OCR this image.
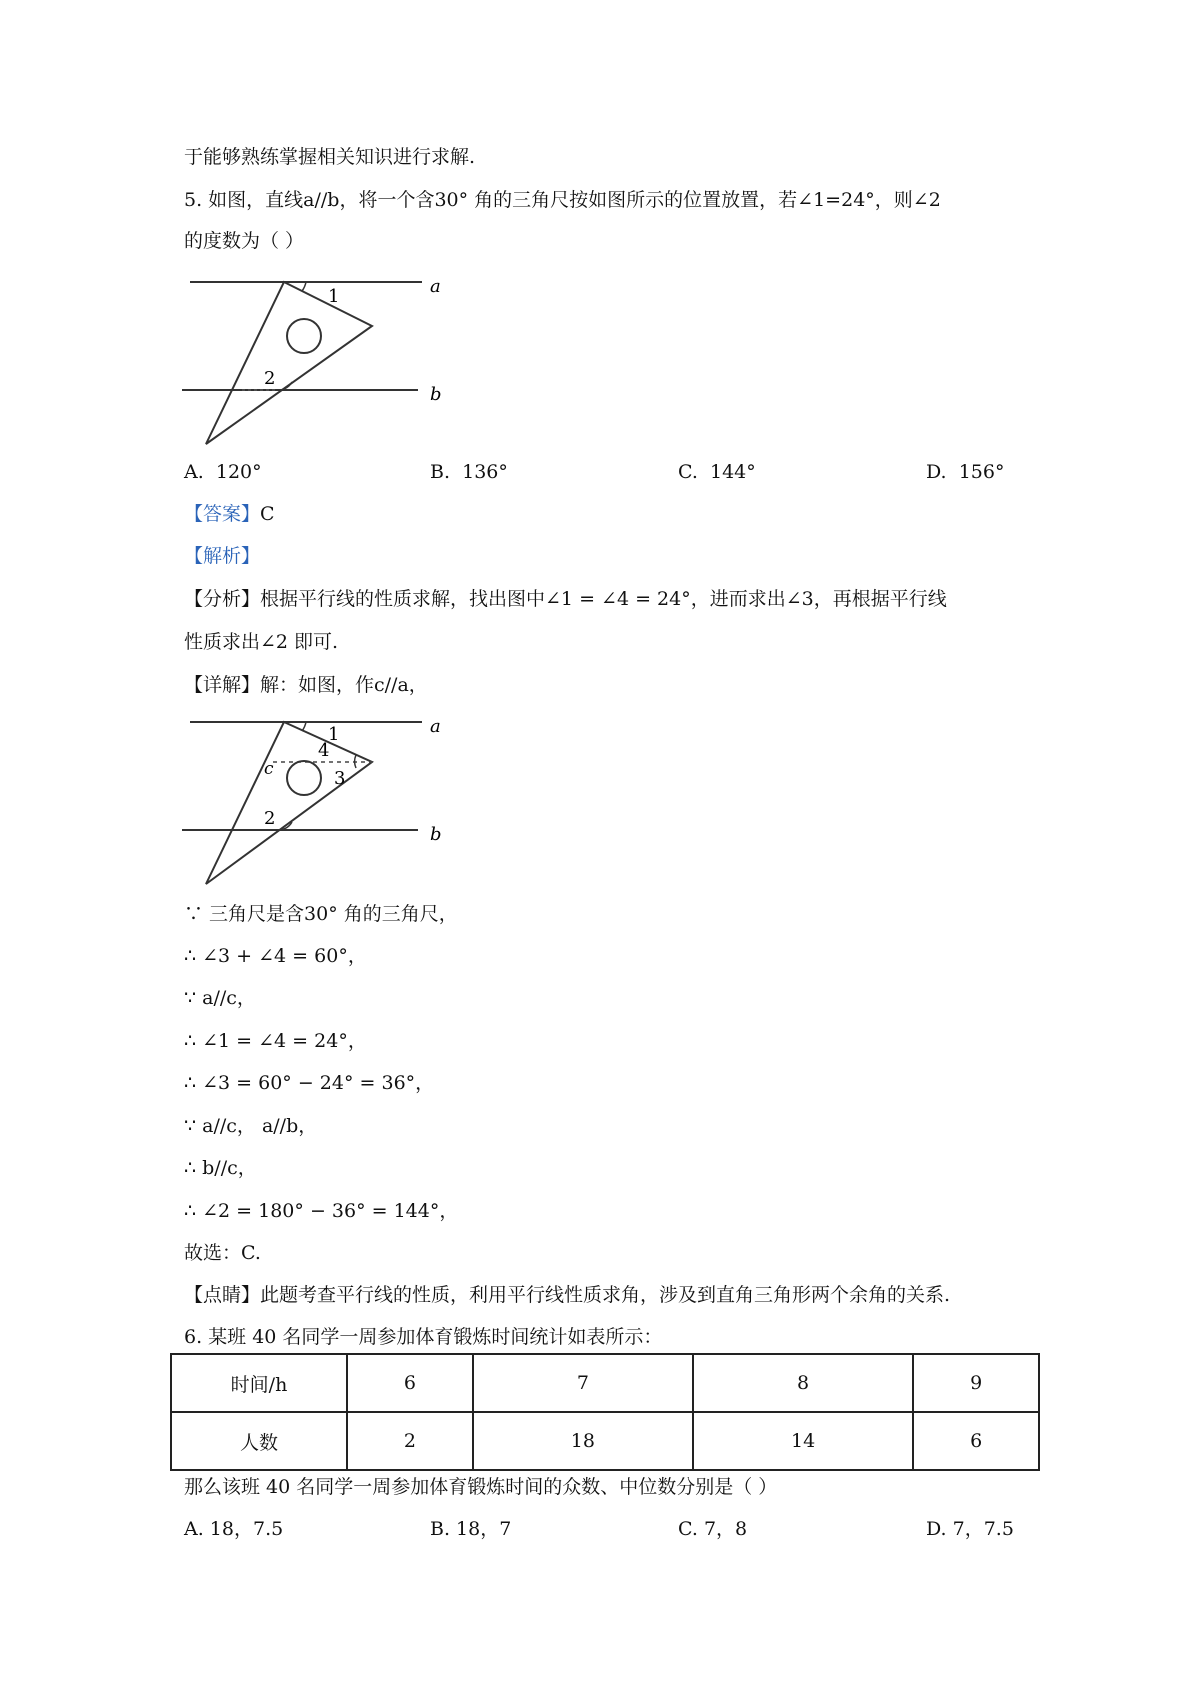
于能够熟练掌握相关知识进行求解.
5. 如图，直线a//b，将一个含30° 角的三角尺按如图所示的位置放置，若∠1=24°，则∠2
的度数为（ ）
a
b
1
2
A. 120°	B. 136°	C. 144°	D. 156°
【答案】C
【解析】
【分析】根据平行线的性质求解，找出图中∠1 = ∠4 = 24°，进而求出∠3，再根据平行线
性质求出∠2 即可.
【详解】解：如图，作c//a，
a
b
c
1
2
3
4
∵ 三角尺是含30° 角的三角尺，
∴ ∠3 + ∠4 = 60°，
∵ a//c，
∴ ∠1 = ∠4 = 24°，
∴ ∠3 = 60° − 24° = 36°，
∵ a//c， a//b，
∴ b//c，
∴ ∠2 = 180° − 36° = 144°，
故选：C.
【点睛】此题考查平行线的性质，利用平行线性质求角，涉及到直角三角形两个余角的关系.
6. 某班 40 名同学一周参加体育锻炼时间统计如表所示：
时间/h	6	7	8	9
人数	2	18	14	6
那么该班 40 名同学一周参加体育锻炼时间的众数、中位数分别是（ ）
A. 18，7.5	B. 18，7	C. 7，8	D. 7，7.5
